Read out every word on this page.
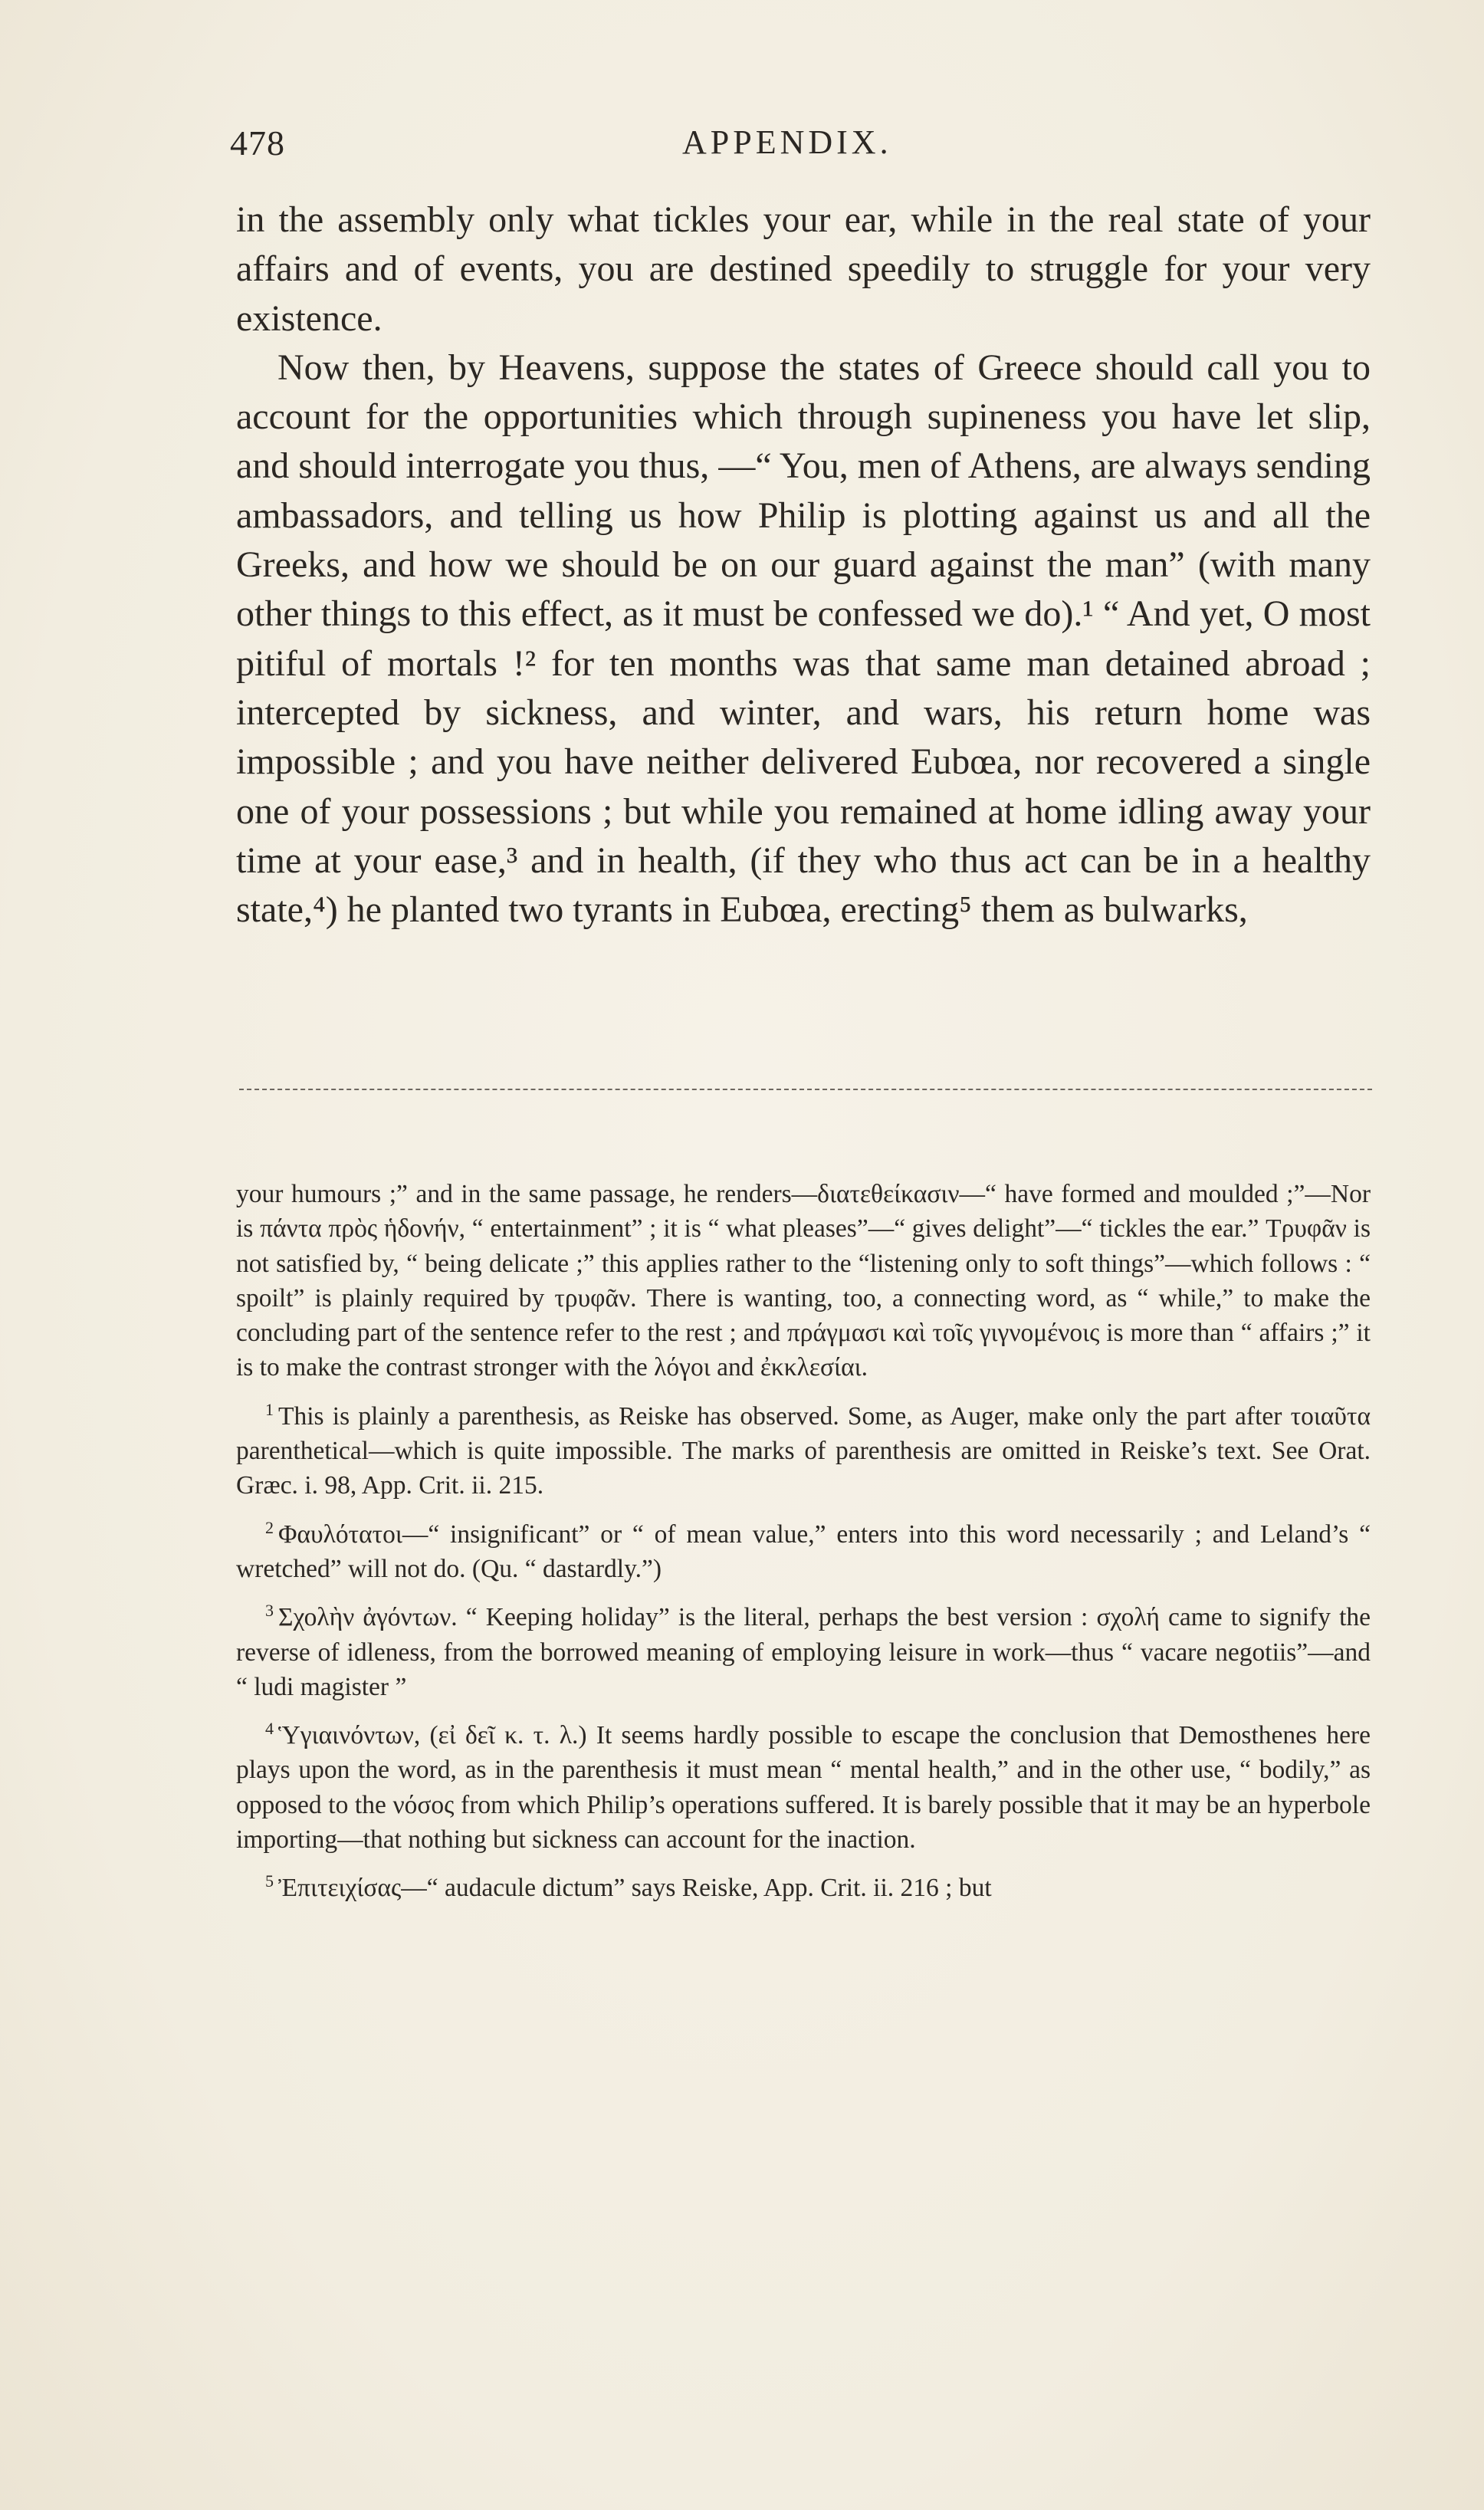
478	APPENDIX.

in the assembly only what tickles your ear, while in the real state of your affairs and of events, you are destined speedily to struggle for your very existence.

Now then, by Heavens, suppose the states of Greece should call you to account for the opportunities which through supineness you have let slip, and should interrogate you thus, —“ You, men of Athens, are always sending ambassadors, and telling us how Philip is plotting against us and all the Greeks, and how we should be on our guard against the man” (with many other things to this effect, as it must be confessed we do).¹ “ And yet, O most pitiful of mortals !² for ten months was that same man detained abroad ; intercepted by sickness, and winter, and wars, his return home was impossible ; and you have neither delivered Eubœa, nor recovered a single one of your possessions ; but while you remained at home idling away your time at your ease,³ and in health, (if they who thus act can be in a healthy state,⁴) he planted two tyrants in Eubœa, erecting⁵ them as bulwarks,

your humours ;” and in the same passage, he renders—διατεθείκασιν—“ have formed and moulded ;”—Nor is πάντα πρὸς ἡδονήν, “ entertainment” ; it is “ what pleases”—“ gives delight”—“ tickles the ear.” Τρυφᾶν is not satisfied by, “ being delicate ;” this applies rather to the “listening only to soft things”—which follows : “ spoilt” is plainly required by τρυφᾶν. There is wanting, too, a connecting word, as “ while,” to make the concluding part of the sentence refer to the rest ; and πράγμασι καὶ τοῖς γιγνομένοις is more than “ affairs ;” it is to make the contrast stronger with the λόγοι and ἐκκλεσίαι.

$^1$ This is plainly a parenthesis, as Reiske has observed. Some, as Auger, make only the part after τοιαῦτα parenthetical—which is quite impossible. The marks of parenthesis are omitted in Reiske’s text. See Orat. Græc. i. 98, App. Crit. ii. 215.

$^2$ Φαυλότατοι—“ insignificant” or “ of mean value,” enters into this word necessarily ; and Leland’s “ wretched” will not do. (Qu. “ dastardly.”)

$^3$ Σχολὴν ἀγόντων. “ Keeping holiday” is the literal, perhaps the best version : σχολή came to signify the reverse of idleness, from the borrowed meaning of employing leisure in work—thus “ vacare negotiis”—and “ ludi magister ”

$^4$ Ὑγιαινόντων, (εἰ δεῖ κ. τ. λ.) It seems hardly possible to escape the conclusion that Demosthenes here plays upon the word, as in the parenthesis it must mean “ mental health,” and in the other use, “ bodily,” as opposed to the νόσος from which Philip’s operations suffered. It is barely possible that it may be an hyperbole importing—that nothing but sickness can account for the inaction.

$^5$ Ἐπιτειχίσας—“ audacule dictum” says Reiske, App. Crit. ii. 216 ; but
